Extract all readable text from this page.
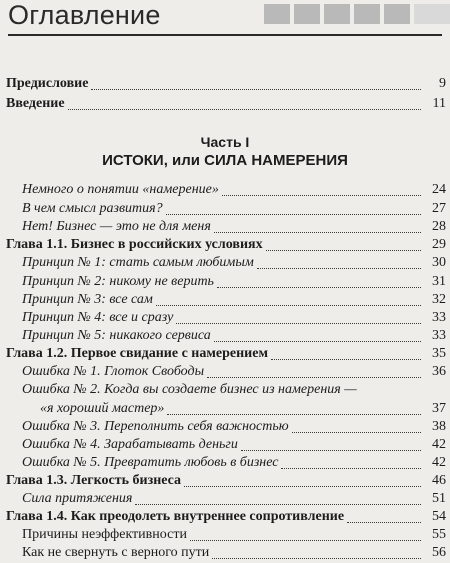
Оглавление
Предисловие	9
Введение	11
Часть I
ИСТОКИ, или СИЛА НАМЕРЕНИЯ
Немного о понятии «намерение»	24
В чем смысл развития?	27
Нет! Бизнес — это не для меня	28
Глава 1.1. Бизнес в российских условиях	29
Принцип № 1: стать самым любимым	30
Принцип № 2: никому не верить	31
Принцип № 3: все сам	32
Принцип № 4: все и сразу	33
Принцип № 5: никакого сервиса	33
Глава 1.2. Первое свидание с намерением	35
Ошибка № 1. Глоток Свободы	36
Ошибка № 2. Когда вы создаете бизнес из намерения —
«я хороший мастер»	37
Ошибка № 3. Переполнить себя важностью	38
Ошибка № 4. Зарабатывать деньги	42
Ошибка № 5. Превратить любовь в бизнес	42
Глава 1.3. Легкость бизнеса	46
Сила притяжения	51
Глава 1.4. Как преодолеть внутреннее сопротивление	54
Причины неэффективности	55
Как не свернуть с верного пути	56
